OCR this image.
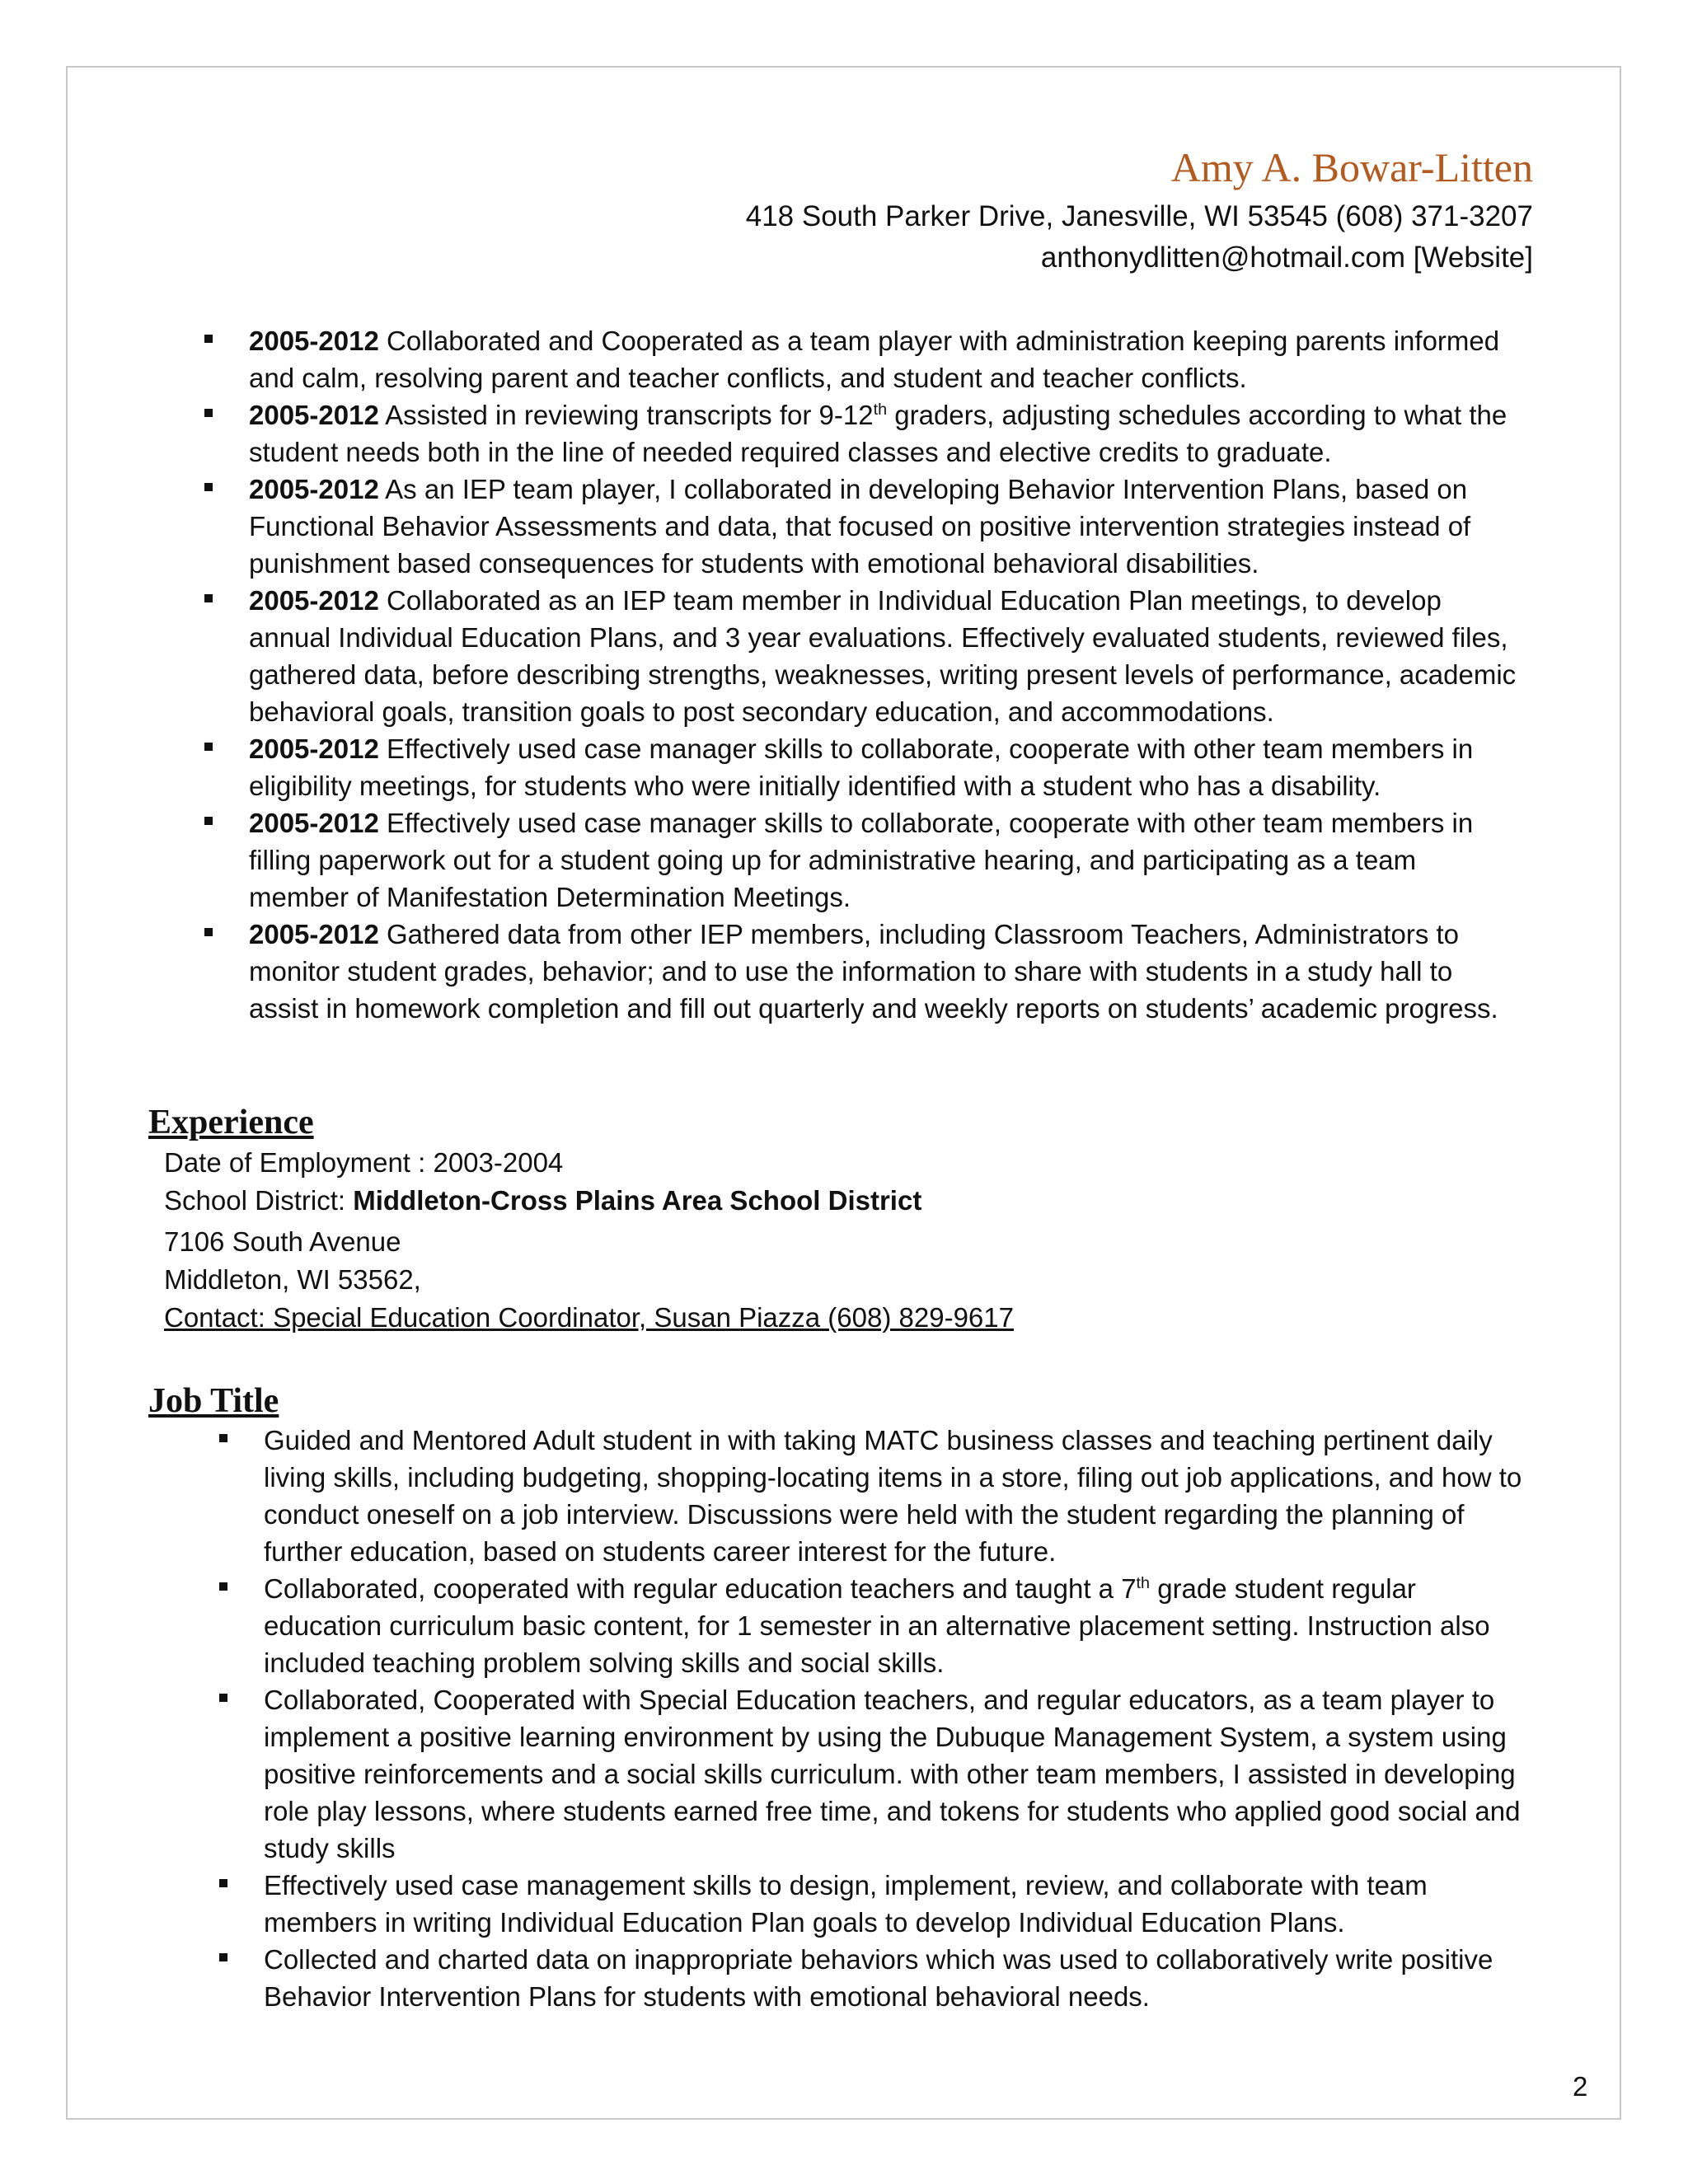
Amy A. Bowar-Litten
418 South Parker Drive, Janesville, WI 53545 (608) 371-3207
anthonydlitten@hotmail.com [Website]
2005-2012 Collaborated and Cooperated as a team player with administration keeping parents informed and calm, resolving parent and teacher conflicts, and student and teacher conflicts.
2005-2012 Assisted in reviewing transcripts for 9-12th graders, adjusting schedules according to what the student needs both in the line of needed required classes and elective credits to graduate.
2005-2012 As an IEP team player, I collaborated in developing Behavior Intervention Plans, based on Functional Behavior Assessments and data, that focused on positive intervention strategies instead of punishment based consequences for students with emotional behavioral disabilities.
2005-2012 Collaborated as an IEP team member in Individual Education Plan meetings, to develop annual Individual Education Plans, and 3 year evaluations. Effectively evaluated students, reviewed files, gathered data, before describing strengths, weaknesses, writing present levels of performance, academic behavioral goals, transition goals to post secondary education, and accommodations.
2005-2012 Effectively used case manager skills to collaborate, cooperate with other team members in eligibility meetings, for students who were initially identified with a student who has a disability.
2005-2012 Effectively used case manager skills to collaborate, cooperate with other team members in filling paperwork out for a student going up for administrative hearing, and participating as a team member of Manifestation Determination Meetings.
2005-2012 Gathered data from other IEP members, including Classroom Teachers, Administrators to monitor student grades, behavior; and to use the information to share with students in a study hall to assist in homework completion and fill out quarterly and weekly reports on students’ academic progress.
Experience
Date of Employment : 2003-2004
School District: Middleton-Cross Plains Area School District
7106 South Avenue
Middleton, WI 53562,
Contact: Special Education Coordinator, Susan Piazza (608) 829-9617
Job Title
Guided and Mentored Adult student in with taking MATC business classes and teaching pertinent daily living skills, including budgeting, shopping-locating items in a store, filing out job applications, and how to conduct oneself on a job interview. Discussions were held with the student regarding the planning of further education, based on students career interest for the future.
Collaborated, cooperated with regular education teachers and taught a 7th grade student regular education curriculum basic content, for 1 semester in an alternative placement setting. Instruction also included teaching problem solving skills and social skills.
Collaborated, Cooperated with Special Education teachers, and regular educators, as a team player to implement a positive learning environment by using the Dubuque Management System, a system using positive reinforcements and a social skills curriculum. with other team members, I assisted in developing role play lessons, where students earned free time, and tokens for students who applied good social and study skills
Effectively used case management skills to design, implement, review, and collaborate with team members in writing Individual Education Plan goals to develop Individual Education Plans.
Collected and charted data on inappropriate behaviors which was used to collaboratively write positive Behavior Intervention Plans for students with emotional behavioral needs.
2
